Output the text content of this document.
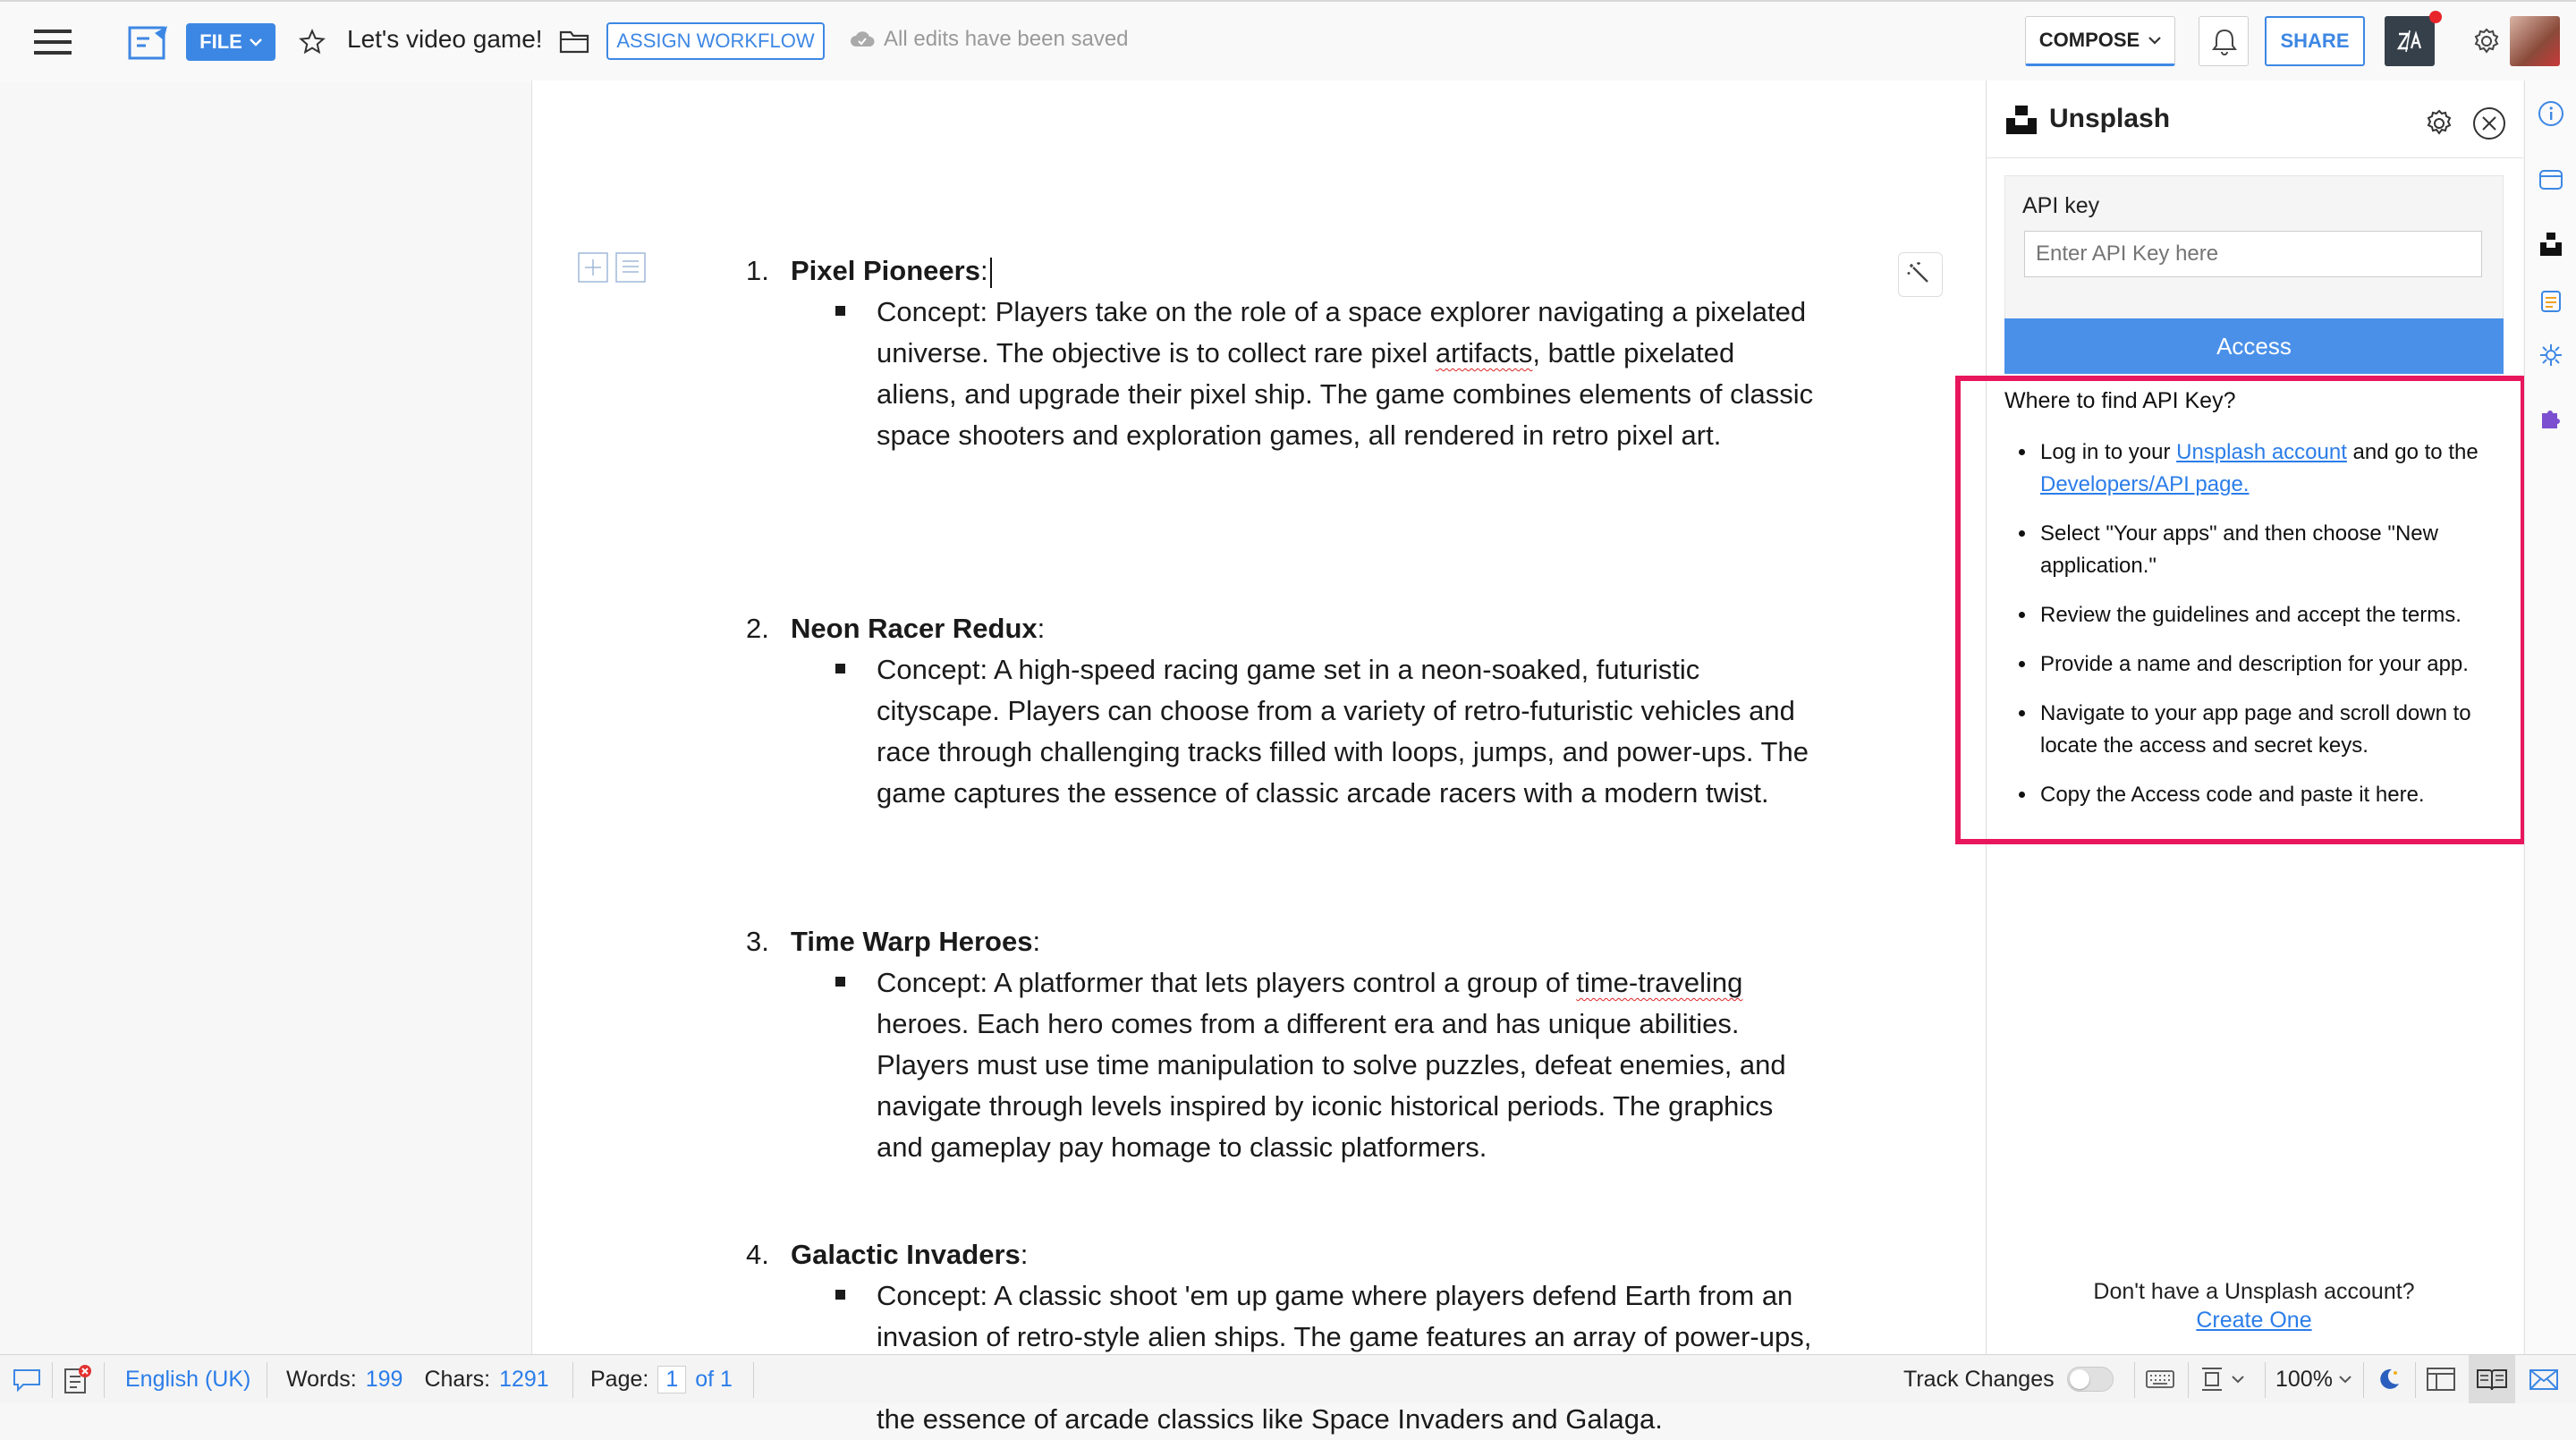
FILE	Let's video game!	ASSIGN WORKFLOW	All edits have been saved	COMPOSE	SHARE
1. Pixel Pioneers:
Concept: Players take on the role of a space explorer navigating a pixelated universe. The objective is to collect rare pixel artifacts, battle pixelated aliens, and upgrade their pixel ship. The game combines elements of classic space shooters and exploration games, all rendered in retro pixel art.
2. Neon Racer Redux:
Concept: A high-speed racing game set in a neon-soaked, futuristic cityscape. Players can choose from a variety of retro-futuristic vehicles and race through challenging tracks filled with loops, jumps, and power-ups. The game captures the essence of classic arcade racers with a modern twist.
3. Time Warp Heroes:
Concept: A platformer that lets players control a group of time-traveling heroes. Each hero comes from a different era and has unique abilities. Players must use time manipulation to solve puzzles, defeat enemies, and navigate through levels inspired by iconic historical periods. The graphics and gameplay pay homage to classic platformers.
4. Galactic Invaders:
Concept: A classic shoot 'em up game where players defend Earth from an invasion of retro-style alien ships. The game features an array of power-ups, the essence of arcade classics like Space Invaders and Galaga.
Unsplash
API key
Enter API Key here
Access
Where to find API Key?
Log in to your Unsplash account and go to the Developers/API page.
Select "Your apps" and then choose "New application."
Review the guidelines and accept the terms.
Provide a name and description for your app.
Navigate to your app page and scroll down to locate the access and secret keys.
Copy the Access code and paste it here.
Don't have a Unsplash account?
Create One
English (UK) Words: 199 Chars: 1291 Page: 1 of 1	Track Changes	100%
